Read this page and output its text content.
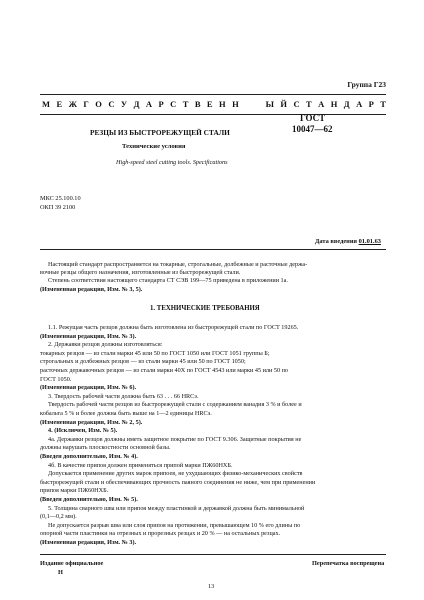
Группа Г23
М Е Ж Г О С У Д А Р С Т В Е Н Н	Ы Й С Т А Н Д А Р Т
РЕЗЦЫ ИЗ БЫСТРОРЕЖУЩЕЙ СТАЛИ
Технические условия
High-speed steel cutting tools. Specifications
ГОСТ
10047—62
МКС 25.100.10
ОКП 39 2100
Дата введения 01.01.63
Настоящий стандарт распространяется на токарные, строгальные, долбежные и расточные держа-
вочные резцы общего назначения, изготовленные из быстрорежущей стали.
Степень соответствия настоящего стандарта СТ СЭВ 199—75 приведена в приложении 1а.
(Измененная редакция, Изм. № 3, 5).
1. ТЕХНИЧЕСКИЕ ТРЕБОВАНИЯ
1.1. Режущая часть резцов должна быть изготовлена из быстрорежущей стали по ГОСТ 19265.
(Измененная редакция, Изм. № 3).
2. Державки резцов должны изготовляться:
токарных резцов — из стали марки 45 или 50 по ГОСТ 1050 или ГОСТ 1051 группы Б;
строгальных и долбежных резцов — из стали марки 45 или 50 по ГОСТ 1050;
расточных державочных резцов — из стали марки 40Х по ГОСТ 4543 или марки 45 или 50 по
ГОСТ 1050.
(Измененная редакция, Изм. № 6).
3. Твердость рабочей части должна быть 63 . . . 66 HRCэ.
Твердость рабочей части резцов из быстрорежущей стали с содержанием ванадия 3 % и более и
кобальта 5 % и более должна быть выше на 1—2 единицы HRCэ.
(Измененная редакция, Изм. № 2, 5).
4. (Исключен, Изм. № 5).
4а. Державки резцов должны иметь защитное покрытие по ГОСТ 9.306. Защитные покрытия не
должны нарушать плоскостности основной базы.
(Введен дополнительно, Изм. № 4).
4б. В качестве припоя должен применяться припой марки ПЖ60НХБ.
Допускается применение других марок припоев, не ухудшающих физико-механических свойств
быстрорежущей стали и обеспечивающих прочность паяного соединения не ниже, чем при применении
припоя марки ПЖ60НХБ.
(Введен дополнительно, Изм. № 5).
5. Толщина сварного шва или припоя между пластинкой и державкой должна быть минимальной
(0,1—0,2 мм).
Не допускается разрыв шва или слоя припоя на протяжении, превышающем 10 % его длины по
опорной части пластинки на отрезных и прорезных резцах и 20 % — на остальных резцах.
(Измененная редакция, Изм. № 3).
Издание официальное
Н
Перепечатка воспрещена
13
